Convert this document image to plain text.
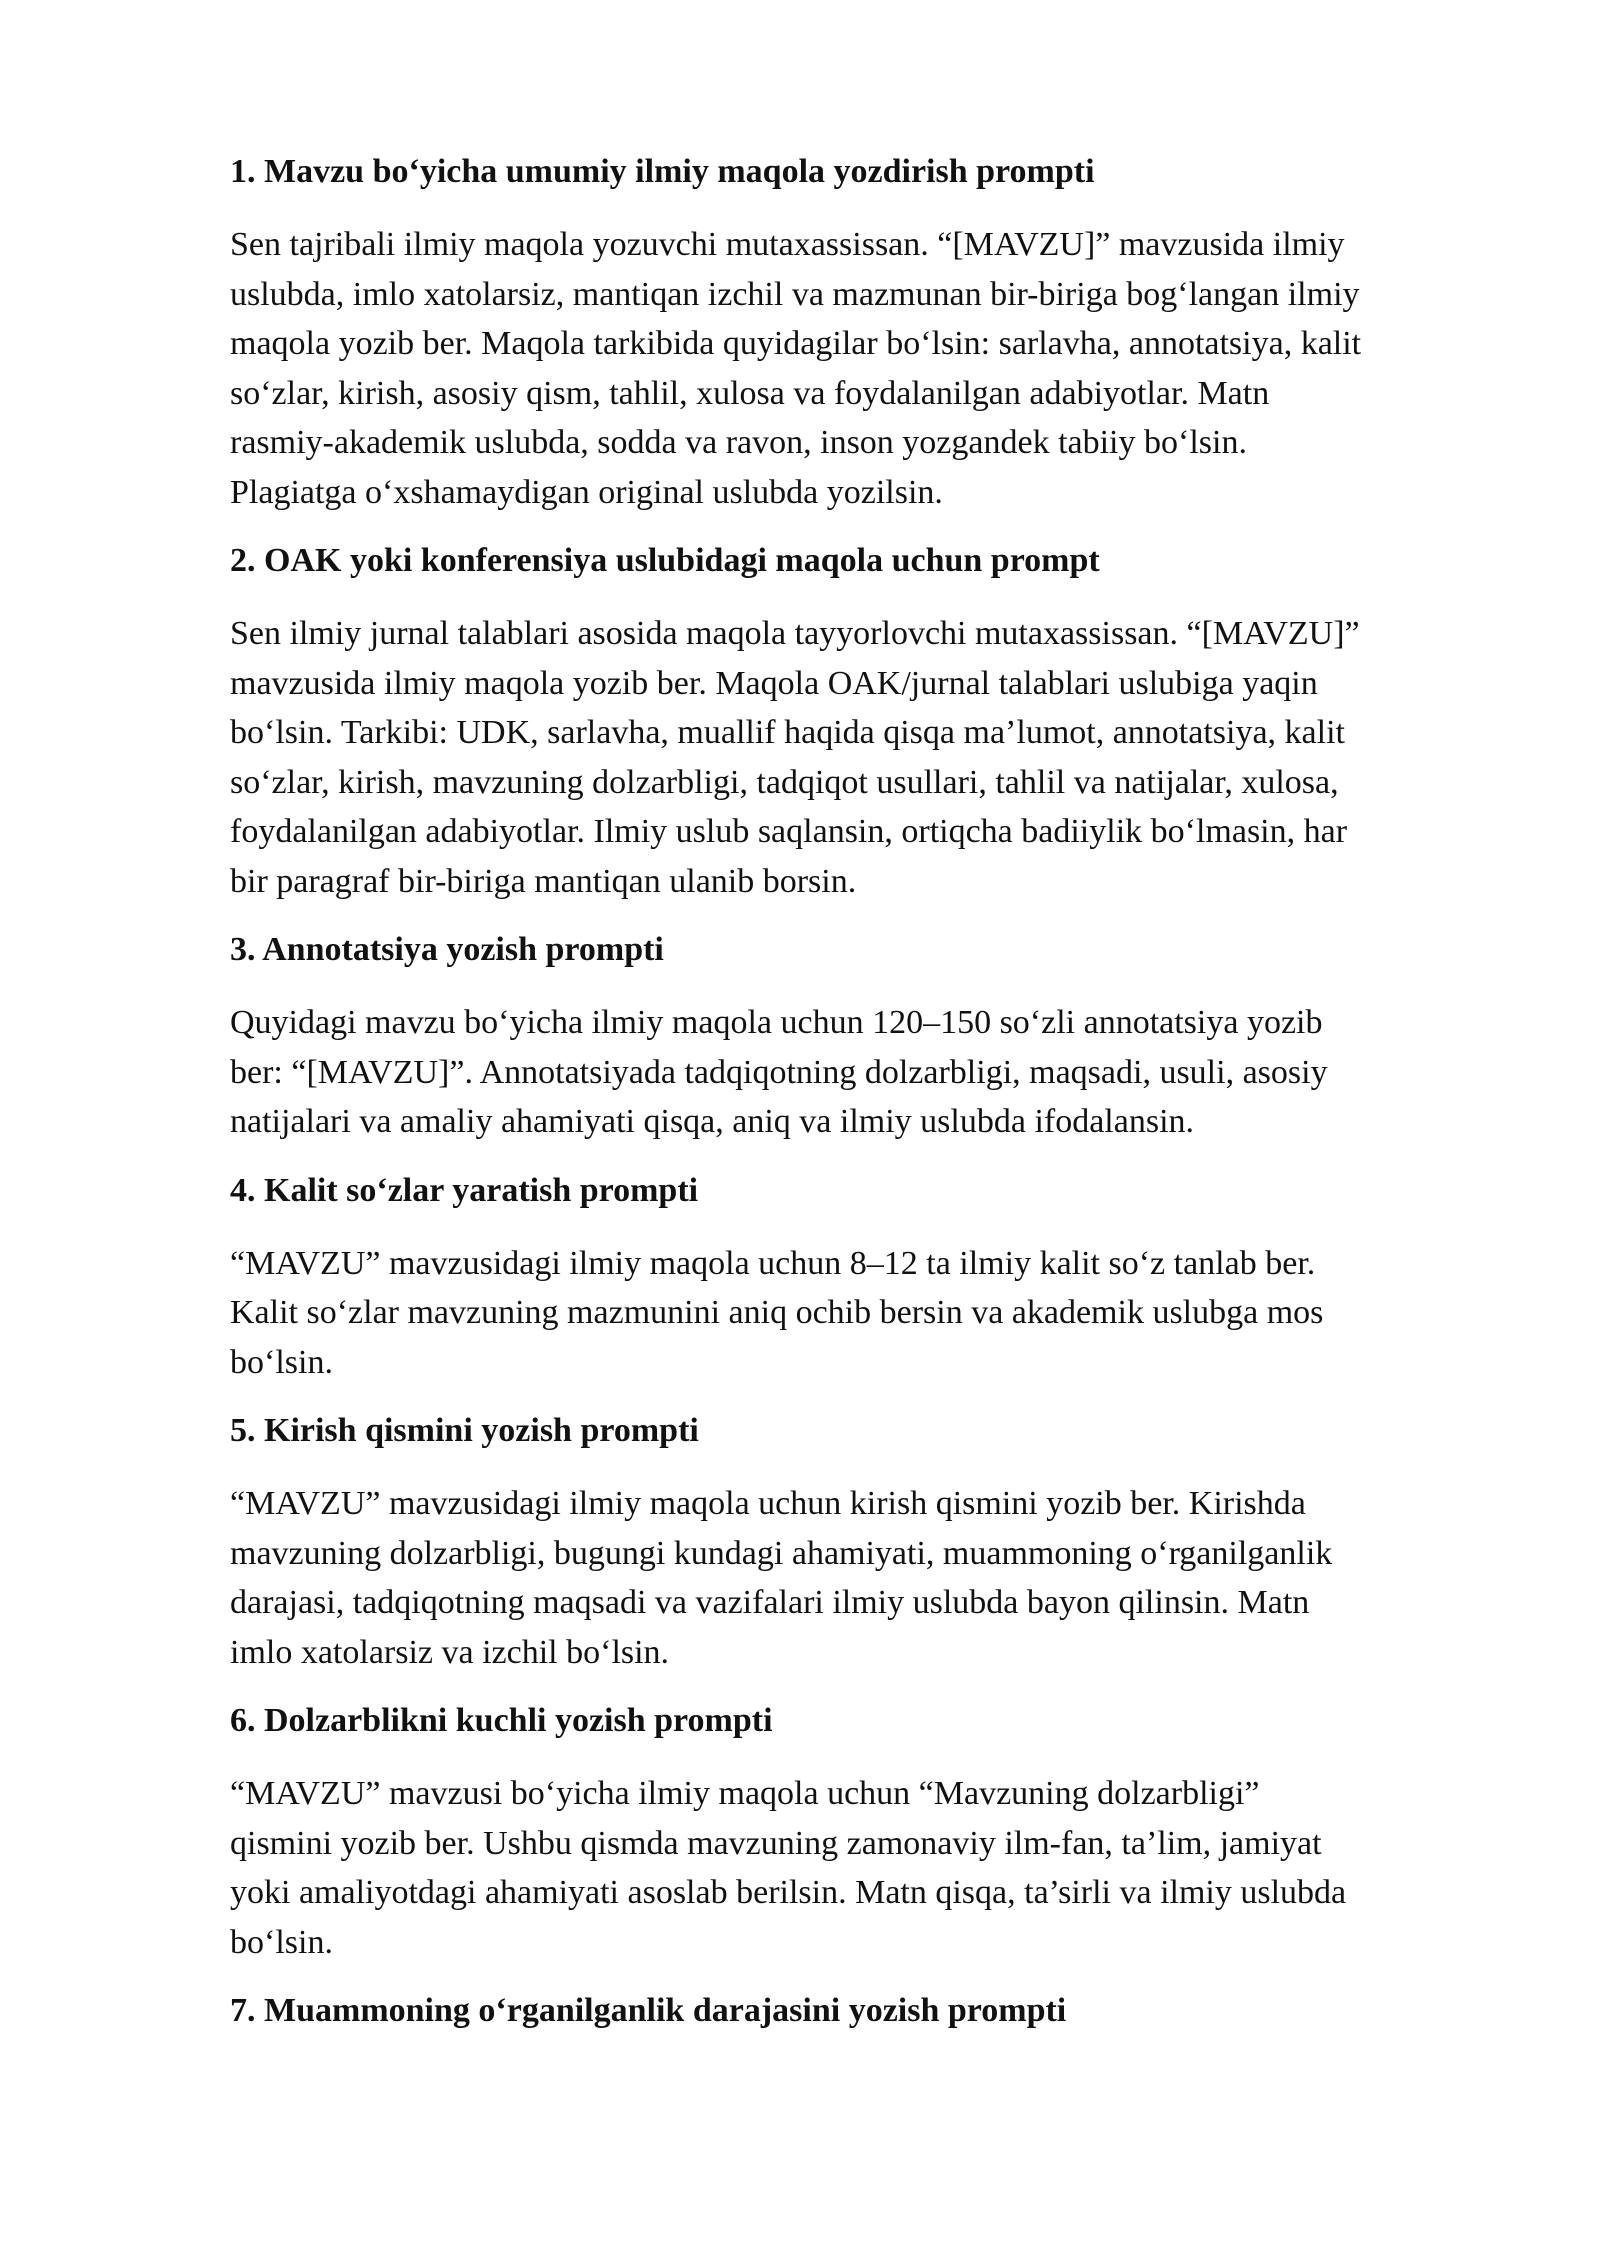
1. Mavzu bo‘yicha umumiy ilmiy maqola yozdirish prompti
Sen tajribali ilmiy maqola yozuvchi mutaxassissan. “[MAVZU]” mavzusida ilmiy
uslubda, imlo xatolarsiz, mantiqan izchil va mazmunan bir-biriga bog‘langan ilmiy
maqola yozib ber. Maqola tarkibida quyidagilar bo‘lsin: sarlavha, annotatsiya, kalit
so‘zlar, kirish, asosiy qism, tahlil, xulosa va foydalanilgan adabiyotlar. Matn
rasmiy-akademik uslubda, sodda va ravon, inson yozgandek tabiiy bo‘lsin.
Plagiatga o‘xshamaydigan original uslubda yozilsin.
2. OAK yoki konferensiya uslubidagi maqola uchun prompt
Sen ilmiy jurnal talablari asosida maqola tayyorlovchi mutaxassissan. “[MAVZU]”
mavzusida ilmiy maqola yozib ber. Maqola OAK/jurnal talablari uslubiga yaqin
bo‘lsin. Tarkibi: UDK, sarlavha, muallif haqida qisqa ma’lumot, annotatsiya, kalit
so‘zlar, kirish, mavzuning dolzarbligi, tadqiqot usullari, tahlil va natijalar, xulosa,
foydalanilgan adabiyotlar. Ilmiy uslub saqlansin, ortiqcha badiiylik bo‘lmasin, har
bir paragraf bir-biriga mantiqan ulanib borsin.
3. Annotatsiya yozish prompti
Quyidagi mavzu bo‘yicha ilmiy maqola uchun 120–150 so‘zli annotatsiya yozib
ber: “[MAVZU]”. Annotatsiyada tadqiqotning dolzarbligi, maqsadi, usuli, asosiy
natijalari va amaliy ahamiyati qisqa, aniq va ilmiy uslubda ifodalansin.
4. Kalit so‘zlar yaratish prompti
“MAVZU” mavzusidagi ilmiy maqola uchun 8–12 ta ilmiy kalit so‘z tanlab ber.
Kalit so‘zlar mavzuning mazmunini aniq ochib bersin va akademik uslubga mos
bo‘lsin.
5. Kirish qismini yozish prompti
“MAVZU” mavzusidagi ilmiy maqola uchun kirish qismini yozib ber. Kirishda
mavzuning dolzarbligi, bugungi kundagi ahamiyati, muammoning o‘rganilganlik
darajasi, tadqiqotning maqsadi va vazifalari ilmiy uslubda bayon qilinsin. Matn
imlo xatolarsiz va izchil bo‘lsin.
6. Dolzarblikni kuchli yozish prompti
“MAVZU” mavzusi bo‘yicha ilmiy maqola uchun “Mavzuning dolzarbligi”
qismini yozib ber. Ushbu qismda mavzuning zamonaviy ilm-fan, ta’lim, jamiyat
yoki amaliyotdagi ahamiyati asoslab berilsin. Matn qisqa, ta’sirli va ilmiy uslubda
bo‘lsin.
7. Muammoning o‘rganilganlik darajasini yozish prompti
